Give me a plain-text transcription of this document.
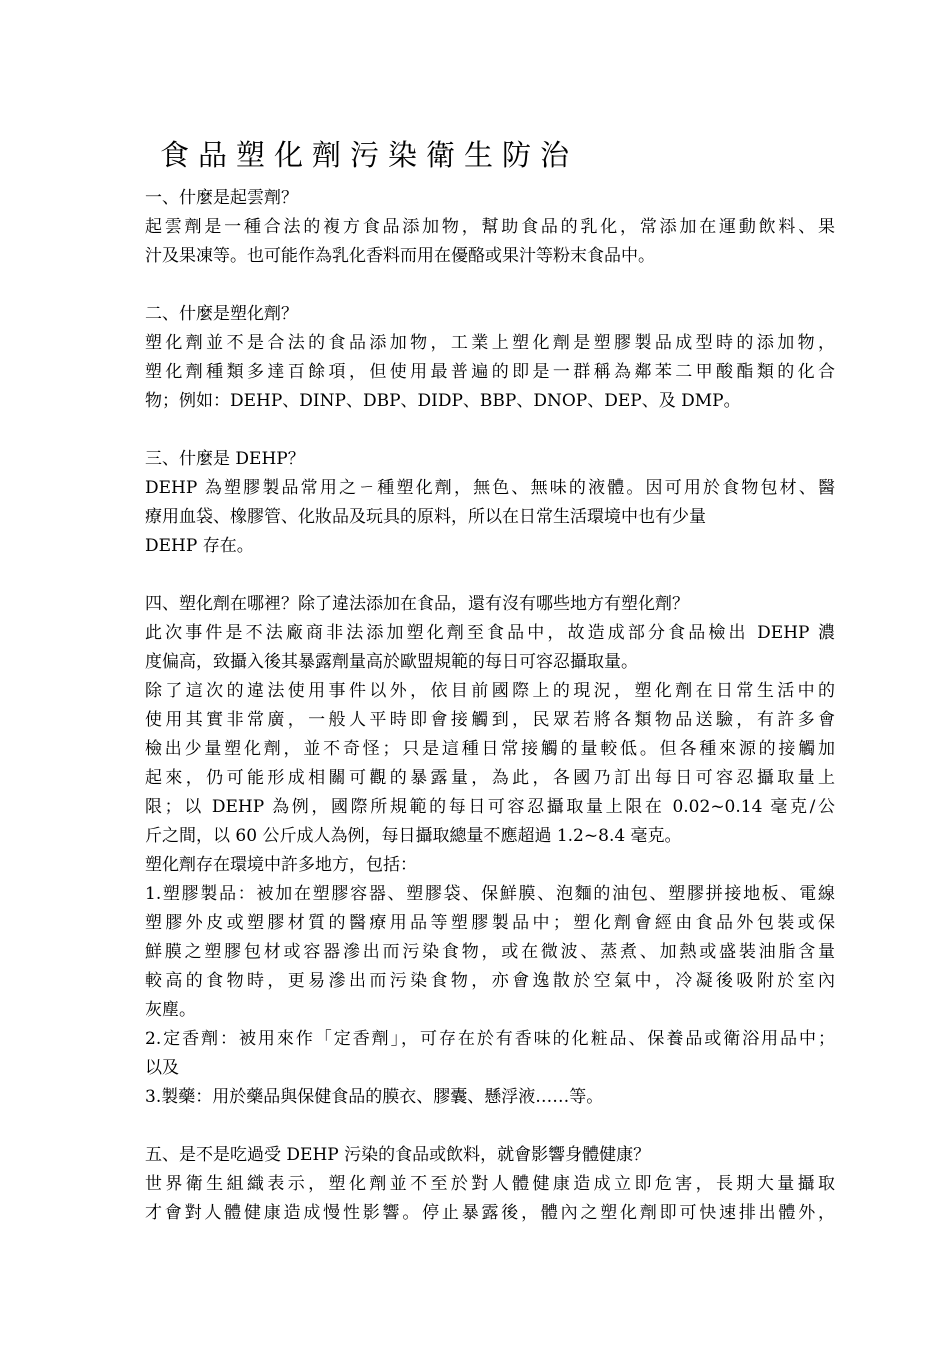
食品塑化劑污染衛生防治
一、什麼是起雲劑？
起雲劑是一種合法的複方食品添加物，幫助食品的乳化，常添加在運動飲料、果
汁及果凍等。也可能作為乳化香料而用在優酪或果汁等粉末食品中。
二、什麼是塑化劑？
塑化劑並不是合法的食品添加物，工業上塑化劑是塑膠製品成型時的添加物，
塑化劑種類多達百餘項，但使用最普遍的即是一群稱為鄰苯二甲酸酯類的化合
物；例如：DEHP、DINP、DBP、DIDP、BBP、DNOP、DEP、及 DMP。
三、什麼是 DEHP？
DEHP 為塑膠製品常用之ㄧ種塑化劑，無色、無味的液體。因可用於食物包材、醫
療用血袋、橡膠管、化妝品及玩具的原料，所以在日常生活環境中也有少量
DEHP 存在。
四、塑化劑在哪裡？除了違法添加在食品，還有沒有哪些地方有塑化劑？
此次事件是不法廠商非法添加塑化劑至食品中，故造成部分食品檢出 DEHP 濃
度偏高，致攝入後其暴露劑量高於歐盟規範的每日可容忍攝取量。
除了這次的違法使用事件以外，依目前國際上的現況，塑化劑在日常生活中的
使用其實非常廣，一般人平時即會接觸到，民眾若將各類物品送驗，有許多會
檢出少量塑化劑，並不奇怪；只是這種日常接觸的量較低。但各種來源的接觸加
起來，仍可能形成相關可觀的暴露量，為此，各國乃訂出每日可容忍攝取量上
限；以 DEHP 為例，國際所規範的每日可容忍攝取量上限在 0.02~0.14 毫克/公
斤之間，以 60 公斤成人為例，每日攝取總量不應超過 1.2~8.4 毫克。
塑化劑存在環境中許多地方，包括：
1.塑膠製品：被加在塑膠容器、塑膠袋、保鮮膜、泡麵的油包、塑膠拼接地板、電線
塑膠外皮或塑膠材質的醫療用品等塑膠製品中；塑化劑會經由食品外包裝或保
鮮膜之塑膠包材或容器滲出而污染食物，或在微波、蒸煮、加熱或盛裝油脂含量
較高的食物時，更易滲出而污染食物，亦會逸散於空氣中，冷凝後吸附於室內
灰塵。
2.定香劑：被用來作「定香劑」，可存在於有香味的化粧品、保養品或衛浴用品中；
以及
3.製藥：用於藥品與保健食品的膜衣、膠囊、懸浮液……等。
五、是不是吃過受 DEHP 污染的食品或飲料，就會影響身體健康？
世界衛生組織表示，塑化劑並不至於對人體健康造成立即危害，長期大量攝取
才會對人體健康造成慢性影響。停止暴露後，體內之塑化劑即可快速排出體外，
